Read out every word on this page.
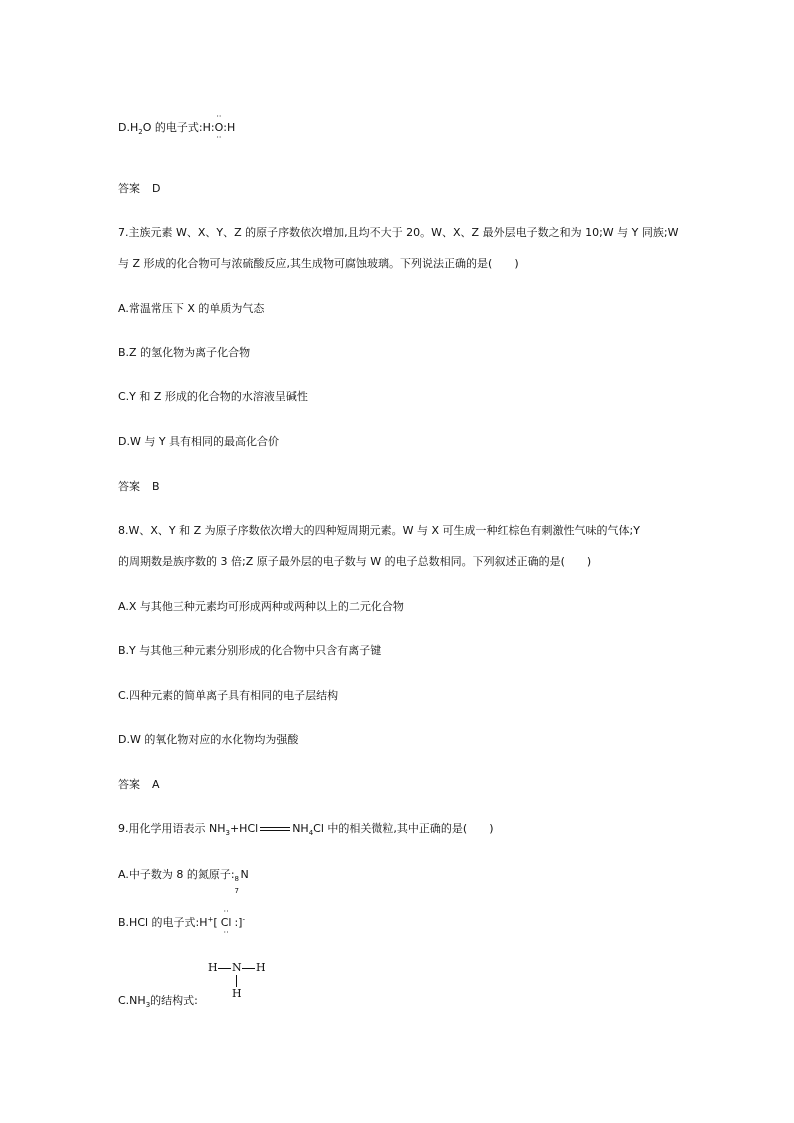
$D.H_2O$ 的电子式:H:O
··
··
:H
答案 D
7.主族元素 W、X、Y、Z 的原子序数依次增加,且均不大于 20。W、X、Z 最外层电子数之和为 10;W 与 Y 同族;W
与 Z 形成的化合物可与浓硫酸反应,其生成物可腐蚀玻璃。下列说法正确的是( )
A.常温常压下 X 的单质为气态
B.Z 的氢化物为离子化合物
C.Y 和 Z 形成的化合物的水溶液呈碱性
D.W 与 Y 具有相同的最高化合价
答案 B
8.W、X、Y 和 Z 为原子序数依次增大的四种短周期元素。W 与 X 可生成一种红棕色有刺激性气味的气体;Y
的周期数是族序数的 3 倍;Z 原子最外层的电子数与 W 的电子总数相同。下列叙述正确的是( )
A.X 与其他三种元素均可形成两种或两种以上的二元化合物
B.Y 与其他三种元素分别形成的化合物中只含有离子键
C.四种元素的简单离子具有相同的电子层结构
D.W 的氧化物对应的水化物均为强酸
答案 A
9.用化学用语表示 $NH_3+HCl$	$NH_4Cl$ 中的相关微粒,其中正确的是( )
A.中子数为 8 的氮原子: 8
7
N
B.HCl 的电子式:H+[ Cl
··
··
:]-
$C.NH_3$的结构式:
H N H
H
